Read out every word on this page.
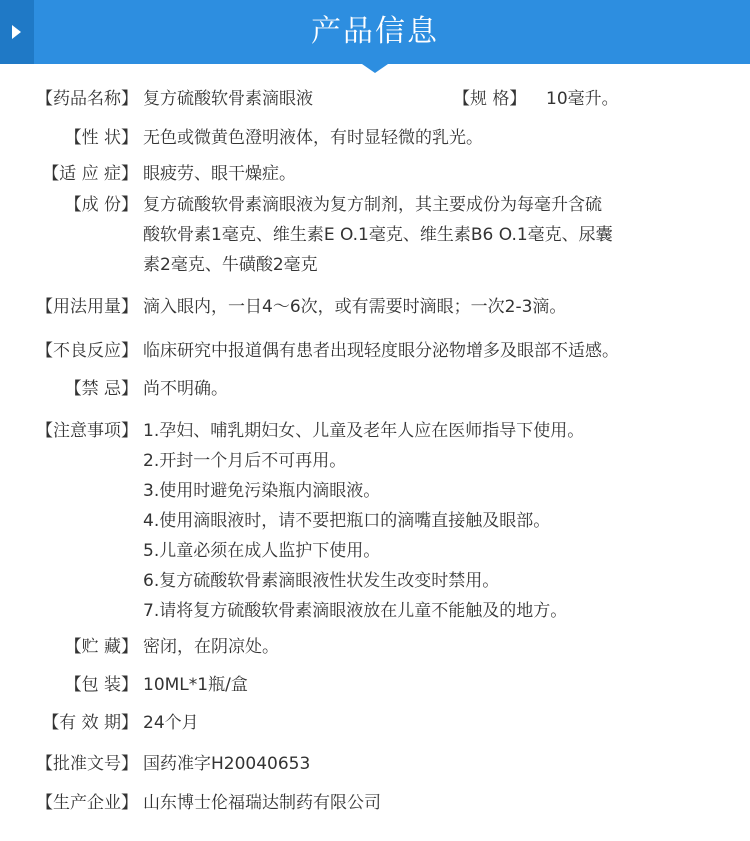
产品信息
【药品名称】 复方硫酸软骨素滴眼液	【规 格】 10毫升。
【性 状】 无色或微黄色澄明液体，有时显轻微的乳光。
【适 应 症】 眼疲劳、眼干燥症。
【成 份】 复方硫酸软骨素滴眼液为复方制剂，其主要成份为每毫升含硫
酸软骨素1毫克、维生素E O.1毫克、维生素B6 O.1毫克、尿囊
素2毫克、牛磺酸2毫克
【用法用量】 滴入眼内，一日4～6次，或有需要时滴眼；一次2-3滴。
【不良反应】 临床研究中报道偶有患者出现轻度眼分泌物增多及眼部不适感。
【禁 忌】 尚不明确。
【注意事项】 1.孕妇、哺乳期妇女、儿童及老年人应在医师指导下使用。
2.开封一个月后不可再用。
3.使用时避免污染瓶内滴眼液。
4.使用滴眼液时，请不要把瓶口的滴嘴直接触及眼部。
5.儿童必须在成人监护下使用。
6.复方硫酸软骨素滴眼液性状发生改变时禁用。
7.请将复方硫酸软骨素滴眼液放在儿童不能触及的地方。
【贮 藏】 密闭，在阴凉处。
【包 装】 10ML*1瓶/盒
【有 效 期】 24个月
【批准文号】 国药准字H20040653
【生产企业】 山东博士伦福瑞达制药有限公司
